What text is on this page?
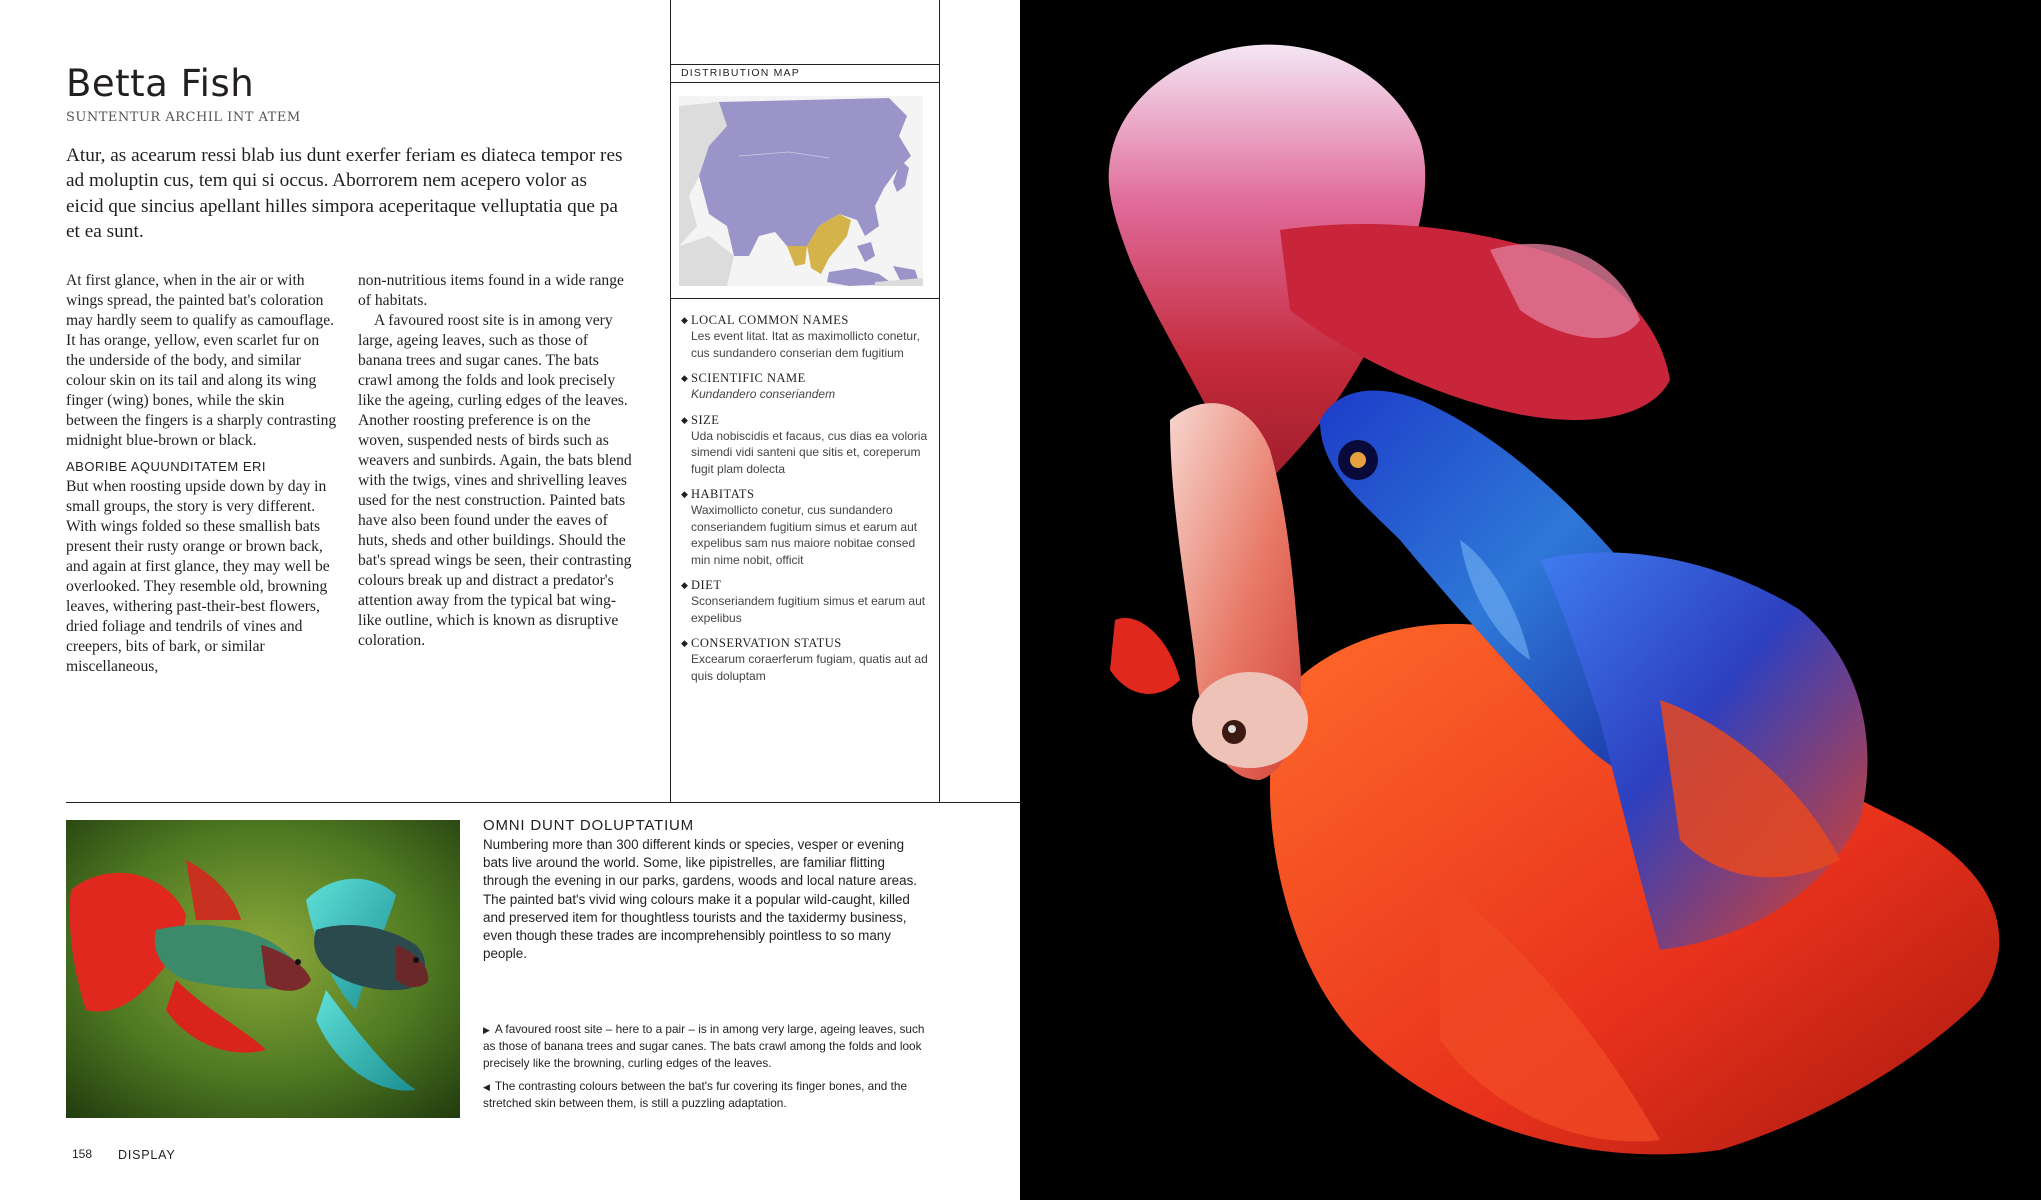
Betta Fish
SUNTENTUR ARCHIL INT ATEM

Atur, as acearum ressi blab ius dunt exerfer feriam es diateca tempor res ad moluptin cus, tem qui si occus. Aborrorem nem acepero volor as eicid que sincius apellant hilles simpora aceperitaque velluptatia que pa et ea sunt.

At first glance, when in the air or with wings spread, the painted bat's coloration may hardly seem to qualify as camouflage. It has orange, yellow, even scarlet fur on the underside of the body, and similar colour skin on its tail and along its wing finger (wing) bones, while the skin between the fingers is a sharply contrasting midnight blue-brown or black.

ABORIBE AQUUNDITATEM ERI

But when roosting upside down by day in small groups, the story is very different. With wings folded so these smallish bats present their rusty orange or brown back, and again at first glance, they may well be overlooked. They resemble old, browning leaves, withering past-their-best flowers, dried foliage and tendrils of vines and creepers, bits of bark, or similar miscellaneous,

non-nutritious items found in a wide range of habitats.

A favoured roost site is in among very large, ageing leaves, such as those of banana trees and sugar canes. The bats crawl among the folds and look precisely like the ageing, curling edges of the leaves. Another roosting preference is on the woven, suspended nests of birds such as weavers and sunbirds. Again, the bats blend with the twigs, vines and shrivelling leaves used for the nest construction. Painted bats have also been found under the eaves of huts, sheds and other buildings. Should the bat's spread wings be seen, their contrasting colours break up and distract a predator's attention away from the typical bat wing-like outline, which is known as disruptive coloration.

DISTRIBUTION MAP
◆ LOCAL COMMON NAMES
Les event litat. Itat as maximollicto conetur, cus sundandero conserian dem fugitium
◆ SCIENTIFIC NAME
Kundandero conseriandem
◆ SIZE
Uda nobiscidis et facaus, cus dias ea voloria simendi vidi santeni que sitis et, coreperum fugit plam dolecta
◆ HABITATS
Waximollicto conetur, cus sundandero conseriandem fugitium simus et earum aut expelibus sam nus maiore nobitae consed min nime nobit, officit
◆ DIET
Sconseriandem fugitium simus et earum aut expelibus
◆ CONSERVATION STATUS
Excearum coraerferum fugiam, quatis aut ad quis doluptam
OMNI DUNT DOLUPTATIUM

Numbering more than 300 different kinds or species, vesper or evening bats live around the world. Some, like pipistrelles, are familiar flitting through the evening in our parks, gardens, woods and local nature areas. The painted bat's vivid wing colours make it a popular wild-caught, killed and preserved item for thoughtless tourists and the taxidermy business, even though these trades are incomprehensibly pointless to so many people.

▶ A favoured roost site – here to a pair – is in among very large, ageing leaves, such as those of banana trees and sugar canes. The bats crawl among the folds and look precisely like the browning, curling edges of the leaves.

◀ The contrasting colours between the bat's fur covering its finger bones, and the stretched skin between them, is still a puzzling adaptation.

158 DISPLAY
